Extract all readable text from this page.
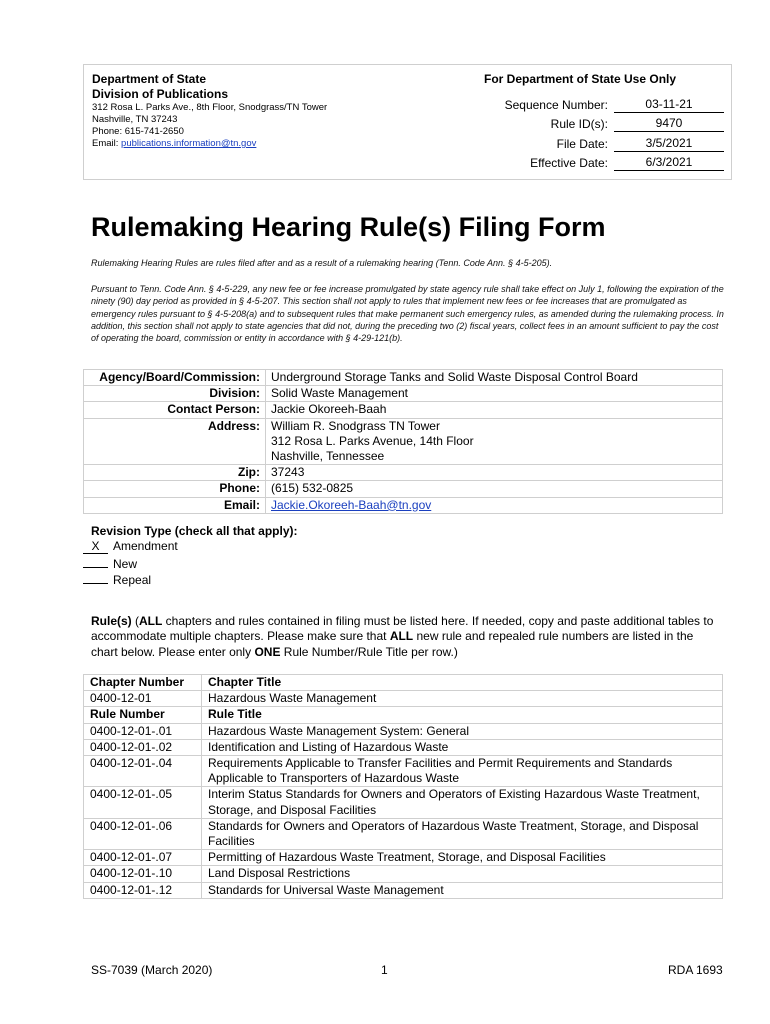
Department of State
Division of Publications
312 Rosa L. Parks Ave., 8th Floor, Snodgrass/TN Tower
Nashville, TN 37243
Phone: 615-741-2650
Email: publications.information@tn.gov
For Department of State Use Only
Sequence Number:	03-11-21
Rule ID(s):	9470
File Date:	3/5/2021
Effective Date:	6/3/2021
Rulemaking Hearing Rule(s) Filing Form
Rulemaking Hearing Rules are rules filed after and as a result of a rulemaking hearing (Tenn. Code Ann. § 4-5-205).
Pursuant to Tenn. Code Ann. § 4-5-229, any new fee or fee increase promulgated by state agency rule shall take effect on July 1, following the expiration of the ninety (90) day period as provided in § 4-5-207. This section shall not apply to rules that implement new fees or fee increases that are promulgated as emergency rules pursuant to § 4-5-208(a) and to subsequent rules that make permanent such emergency rules, as amended during the rulemaking process. In addition, this section shall not apply to state agencies that did not, during the preceding two (2) fiscal years, collect fees in an amount sufficient to pay the cost of operating the board, commission or entity in accordance with § 4-29-121(b).
Agency/Board/Commission:	Underground Storage Tanks and Solid Waste Disposal Control Board
Division:	Solid Waste Management
Contact Person:	Jackie Okoreeh-Baah
Address:	William R. Snodgrass TN Tower
312 Rosa L. Parks Avenue, 14th Floor
Nashville, Tennessee

Zip:	37243
Phone:	(615) 532-0825
Email:	Jackie.Okoreeh-Baah@tn.gov
Revision Type (check all that apply):
X Amendment
New
Repeal
Rule(s) (ALL chapters and rules contained in filing must be listed here. If needed, copy and paste additional tables to accommodate multiple chapters. Please make sure that ALL new rule and repealed rule numbers are listed in the chart below. Please enter only ONE Rule Number/Rule Title per row.)
Chapter Number	Chapter Title
0400-12-01	Hazardous Waste Management
Rule Number	Rule Title
0400-12-01-.01	Hazardous Waste Management System: General
0400-12-01-.02	Identification and Listing of Hazardous Waste
0400-12-01-.04	Requirements Applicable to Transfer Facilities and Permit Requirements and Standards Applicable to Transporters of Hazardous Waste
0400-12-01-.05	Interim Status Standards for Owners and Operators of Existing Hazardous Waste Treatment, Storage, and Disposal Facilities
0400-12-01-.06	Standards for Owners and Operators of Hazardous Waste Treatment, Storage, and Disposal Facilities
0400-12-01-.07	Permitting of Hazardous Waste Treatment, Storage, and Disposal Facilities
0400-12-01-.10	Land Disposal Restrictions
0400-12-01-.12	Standards for Universal Waste Management
SS-7039 (March 2020)	1	RDA 1693
